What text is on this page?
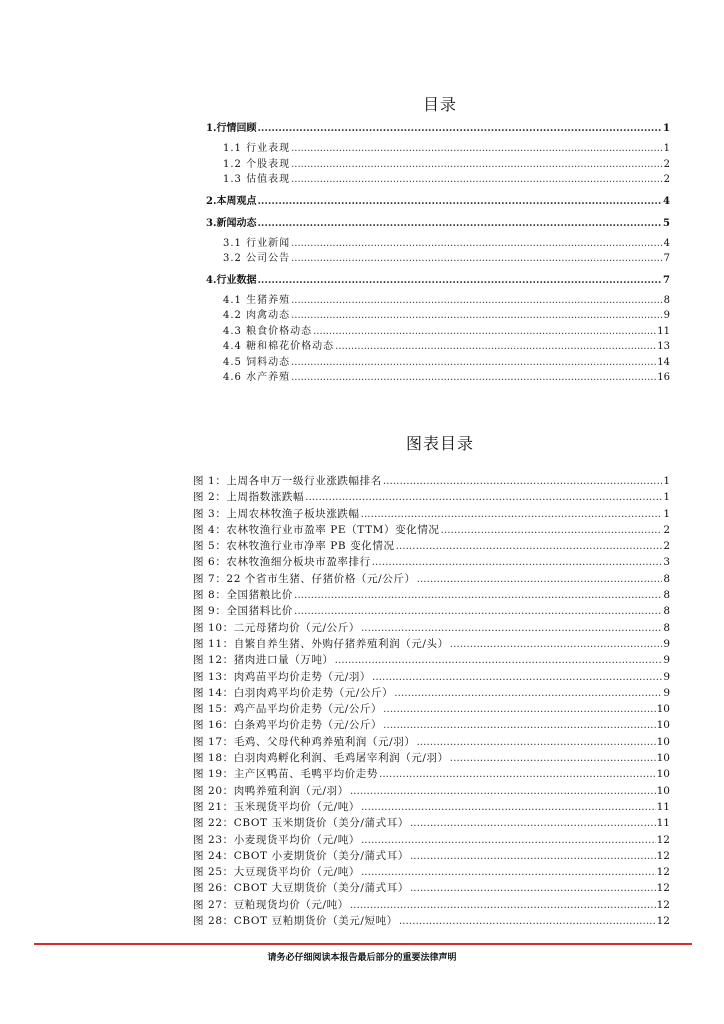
目录
1.行情回顾 .....	1
1.1 行业表现 .....	1
1.2 个股表现 .....	2
1.3 估值表现 .....	2
2.本周观点 .....	4
3.新闻动态 .....	5
3.1 行业新闻 .....	4
3.2 公司公告 .....	7
4.行业数据 .....	7
4.1 生猪养殖 .....	8
4.2 肉禽动态 .....	9
4.3 粮食价格动态 .....	11
4.4 糖和棉花价格动态 .....	13
4.5 饲料动态 .....	14
4.6 水产养殖 .....	16
图表目录
图 1：上周各申万一级行业涨跌幅排名 .....	1
图 2：上周指数涨跌幅 .....	1
图 3：上周农林牧渔子板块涨跌幅 .....	1
图 4：农林牧渔行业市盈率 PE（TTM）变化情况 .....	2
图 5：农林牧渔行业市净率 PB 变化情况 .....	2
图 6：农林牧渔细分板块市盈率排行 .....	3
图 7：22 个省市生猪、仔猪价格（元/公斤） .....	8
图 8：全国猪粮比价 .....	8
图 9：全国猪料比价 .....	8
图 10：二元母猪均价（元/公斤） .....	8
图 11：自繁自养生猪、外购仔猪养殖利润（元/头） .....	9
图 12：猪肉进口量（万吨） .....	9
图 13：肉鸡苗平均价走势（元/羽） .....	9
图 14：白羽肉鸡平均价走势（元/公斤） .....	9
图 15：鸡产品平均价走势（元/公斤） .....	10
图 16：白条鸡平均价走势（元/公斤） .....	10
图 17：毛鸡、父母代种鸡养殖利润（元/羽） .....	10
图 18：白羽肉鸡孵化利润、毛鸡屠宰利润（元/羽） .....	10
图 19：主产区鸭苗、毛鸭平均价走势 .....	10
图 20：肉鸭养殖利润（元/羽） .....	10
图 21：玉米现货平均价（元/吨） .....	11
图 22：CBOT 玉米期货价（美分/蒲式耳） .....	11
图 23：小麦现货平均价（元/吨） .....	12
图 24：CBOT 小麦期货价（美分/蒲式耳） .....	12
图 25：大豆现货平均价（元/吨） .....	12
图 26：CBOT 大豆期货价（美分/蒲式耳） .....	12
图 27：豆粕现货均价（元/吨） .....	12
图 28：CBOT 豆粕期货价（美元/短吨） .....	12
请务必仔细阅读本报告最后部分的重要法律声明
